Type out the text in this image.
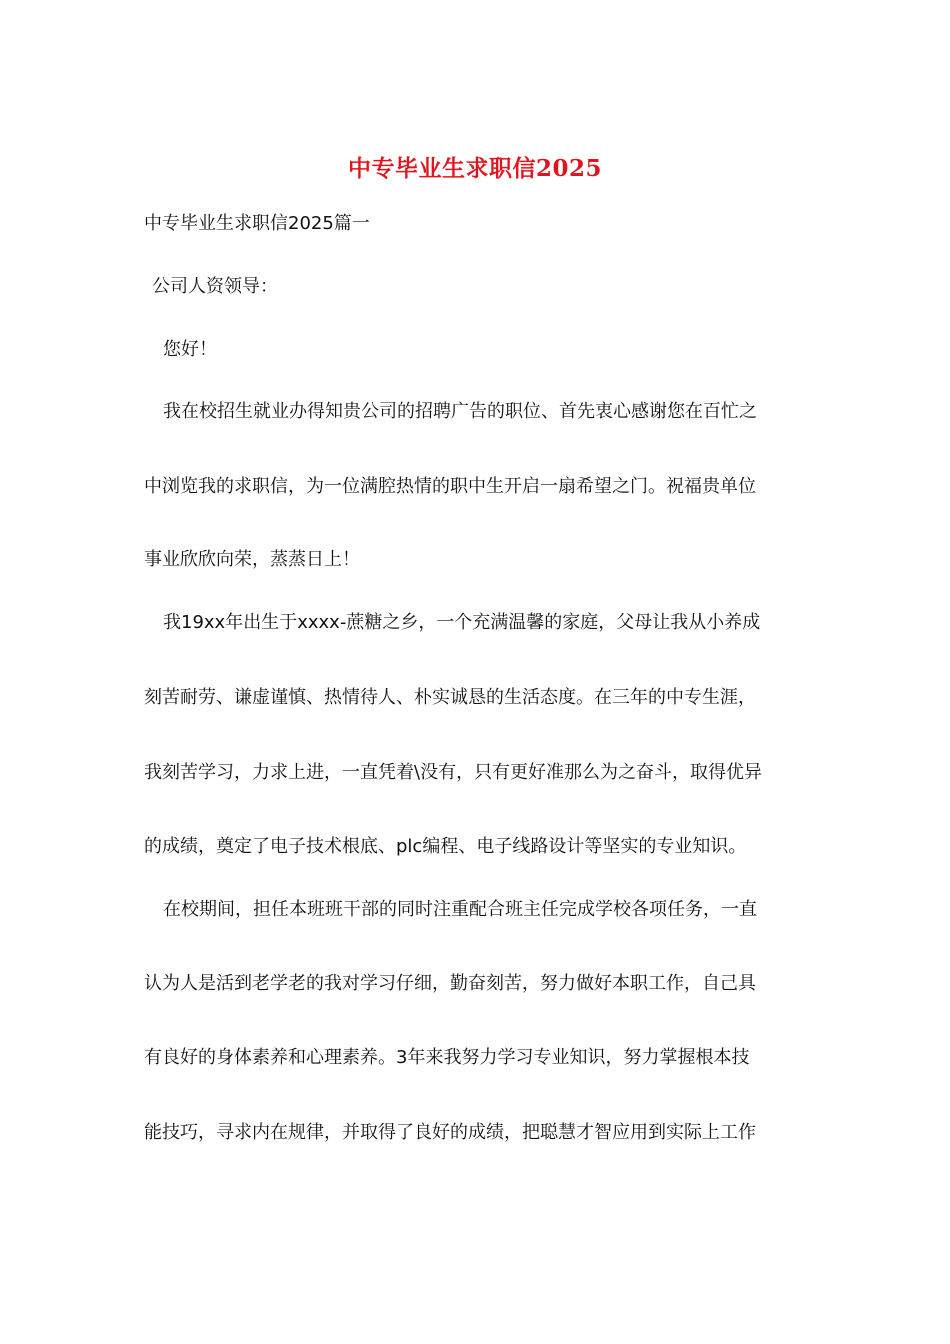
中专毕业生求职信2025

中专毕业生求职信2025篇一

公司人资领导：

您好！

我在校招生就业办得知贵公司的招聘广告的职位、首先衷心感谢您在百忙之

中浏览我的求职信，为一位满腔热情的职中生开启一扇希望之门。祝福贵单位

事业欣欣向荣，蒸蒸日上！

我19xx年出生于xxxx-蔗糖之乡，一个充满温馨的家庭，父母让我从小养成

刻苦耐劳、谦虚谨慎、热情待人、朴实诚恳的生活态度。在三年的中专生涯，

我刻苦学习，力求上进，一直凭着\没有，只有更好准那么为之奋斗，取得优异

的成绩，奠定了电子技术根底、plc编程、电子线路设计等坚实的专业知识。

在校期间，担任本班班干部的同时注重配合班主任完成学校各项任务，一直

认为人是活到老学老的我对学习仔细，勤奋刻苦，努力做好本职工作，自己具

有良好的身体素养和心理素养。3年来我努力学习专业知识，努力掌握根本技

能技巧，寻求内在规律，并取得了良好的成绩，把聪慧才智应用到实际上工作
